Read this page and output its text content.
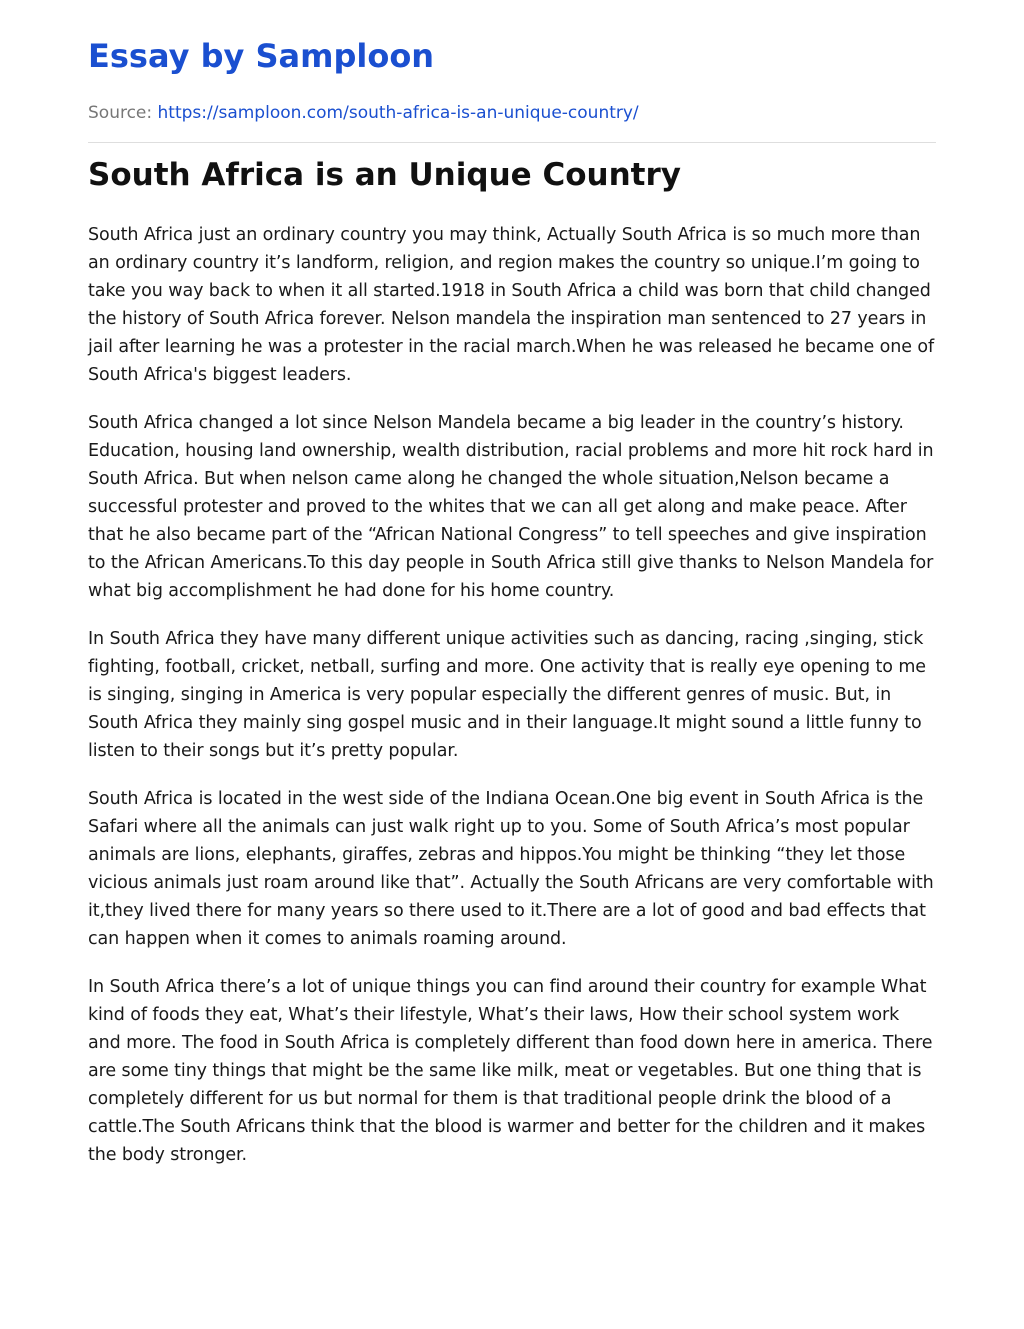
Essay by Samploon
Source: https://samploon.com/south-africa-is-an-unique-country/
South Africa is an Unique Country

South Africa just an ordinary country you may think, Actually South Africa is so much more than an ordinary country it’s landform, religion, and region makes the country so unique.I’m going to take you way back to when it all started.1918 in South Africa a child was born that child changed the history of South Africa forever. Nelson mandela the inspiration man sentenced to 27 years in jail after learning he was a protester in the racial march.When he was released he became one of South Africa's biggest leaders.

South Africa changed a lot since Nelson Mandela became a big leader in the country’s history. Education, housing land ownership, wealth distribution, racial problems and more hit rock hard in South Africa. But when nelson came along he changed the whole situation,Nelson became a successful protester and proved to the whites that we can all get along and make peace. After that he also became part of the “African National Congress” to tell speeches and give inspiration to the African Americans.To this day people in South Africa still give thanks to Nelson Mandela for what big accomplishment he had done for his home country.

In South Africa they have many different unique activities such as dancing, racing ,singing, stick fighting, football, cricket, netball, surfing and more. One activity that is really eye opening to me is singing, singing in America is very popular especially the different genres of music. But, in South Africa they mainly sing gospel music and in their language.It might sound a little funny to listen to their songs but it’s pretty popular.

South Africa is located in the west side of the Indiana Ocean.One big event in South Africa is the Safari where all the animals can just walk right up to you. Some of South Africa’s most popular animals are lions, elephants, giraffes, zebras and hippos.You might be thinking “they let those vicious animals just roam around like that”. Actually the South Africans are very comfortable with it,they lived there for many years so there used to it.There are a lot of good and bad effects that can happen when it comes to animals roaming around.

In South Africa there’s a lot of unique things you can find around their country for example What kind of foods they eat, What’s their lifestyle, What’s their laws, How their school system work and more. The food in South Africa is completely different than food down here in america. There are some tiny things that might be the same like milk, meat or vegetables. But one thing that is completely different for us but normal for them is that traditional people drink the blood of a cattle.The South Africans think that the blood is warmer and better for the children and it makes the body stronger.
